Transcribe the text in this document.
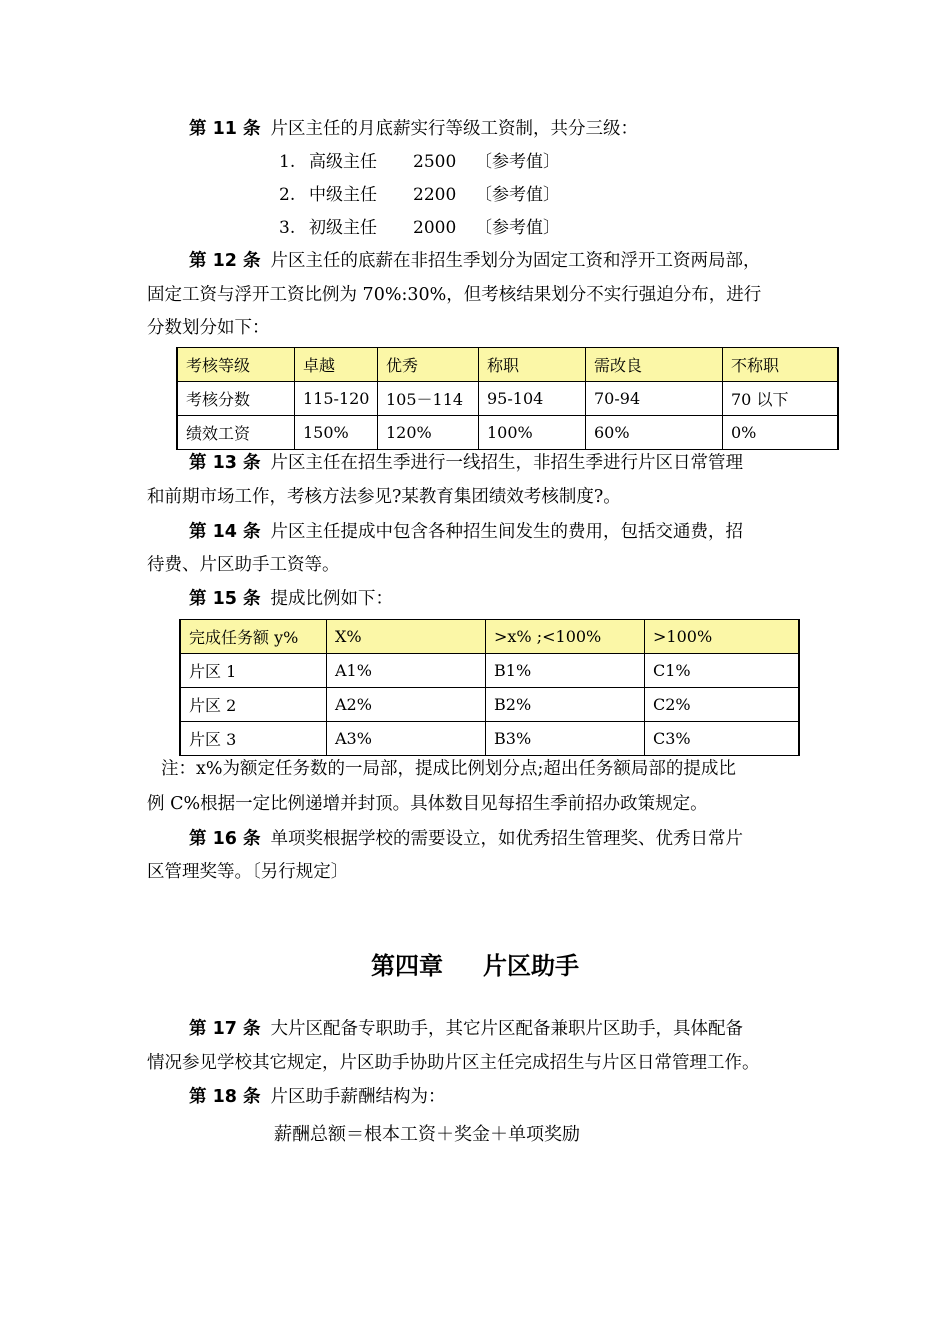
第 11 条 片区主任的月底薪实行等级工资制，共分三级：
1. 高级主任 2500 〔参考值〕
2. 中级主任 2200 〔参考值〕
3. 初级主任 2000 〔参考值〕
第 12 条 片区主任的底薪在非招生季划分为固定工资和浮开工资两局部，
固定工资与浮开工资比例为 70%:30%，但考核结果划分不实行强迫分布，进行
分数划分如下：
考核等级	卓越	优秀	称职	需改良	不称职
考核分数	115-120	105－114	95-104	70-94	70 以下
绩效工资	150%	120%	100%	60%	0%
第 13 条 片区主任在招生季进行一线招生，非招生季进行片区日常管理
和前期市场工作，考核方法参见?某教育集团绩效考核制度?。
第 14 条 片区主任提成中包含各种招生间发生的费用，包括交通费，招
待费、片区助手工资等。
第 15 条 提成比例如下：
完成任务额 y%	X%	>x% ;<100%	>100%
片区 1	A1%	B1%	C1%
片区 2	A2%	B2%	C2%
片区 3	A3%	B3%	C3%
注：x%为额定任务数的一局部，提成比例划分点;超出任务额局部的提成比
例 C%根据一定比例递增并封顶。具体数目见每招生季前招办政策规定。
第 16 条 单项奖根据学校的需要设立，如优秀招生管理奖、优秀日常片
区管理奖等。〔另行规定〕
第四章 片区助手
第 17 条 大片区配备专职助手，其它片区配备兼职片区助手，具体配备
情况参见学校其它规定，片区助手协助片区主任完成招生与片区日常管理工作。
第 18 条 片区助手薪酬结构为：
薪酬总额＝根本工资＋奖金＋单项奖励
